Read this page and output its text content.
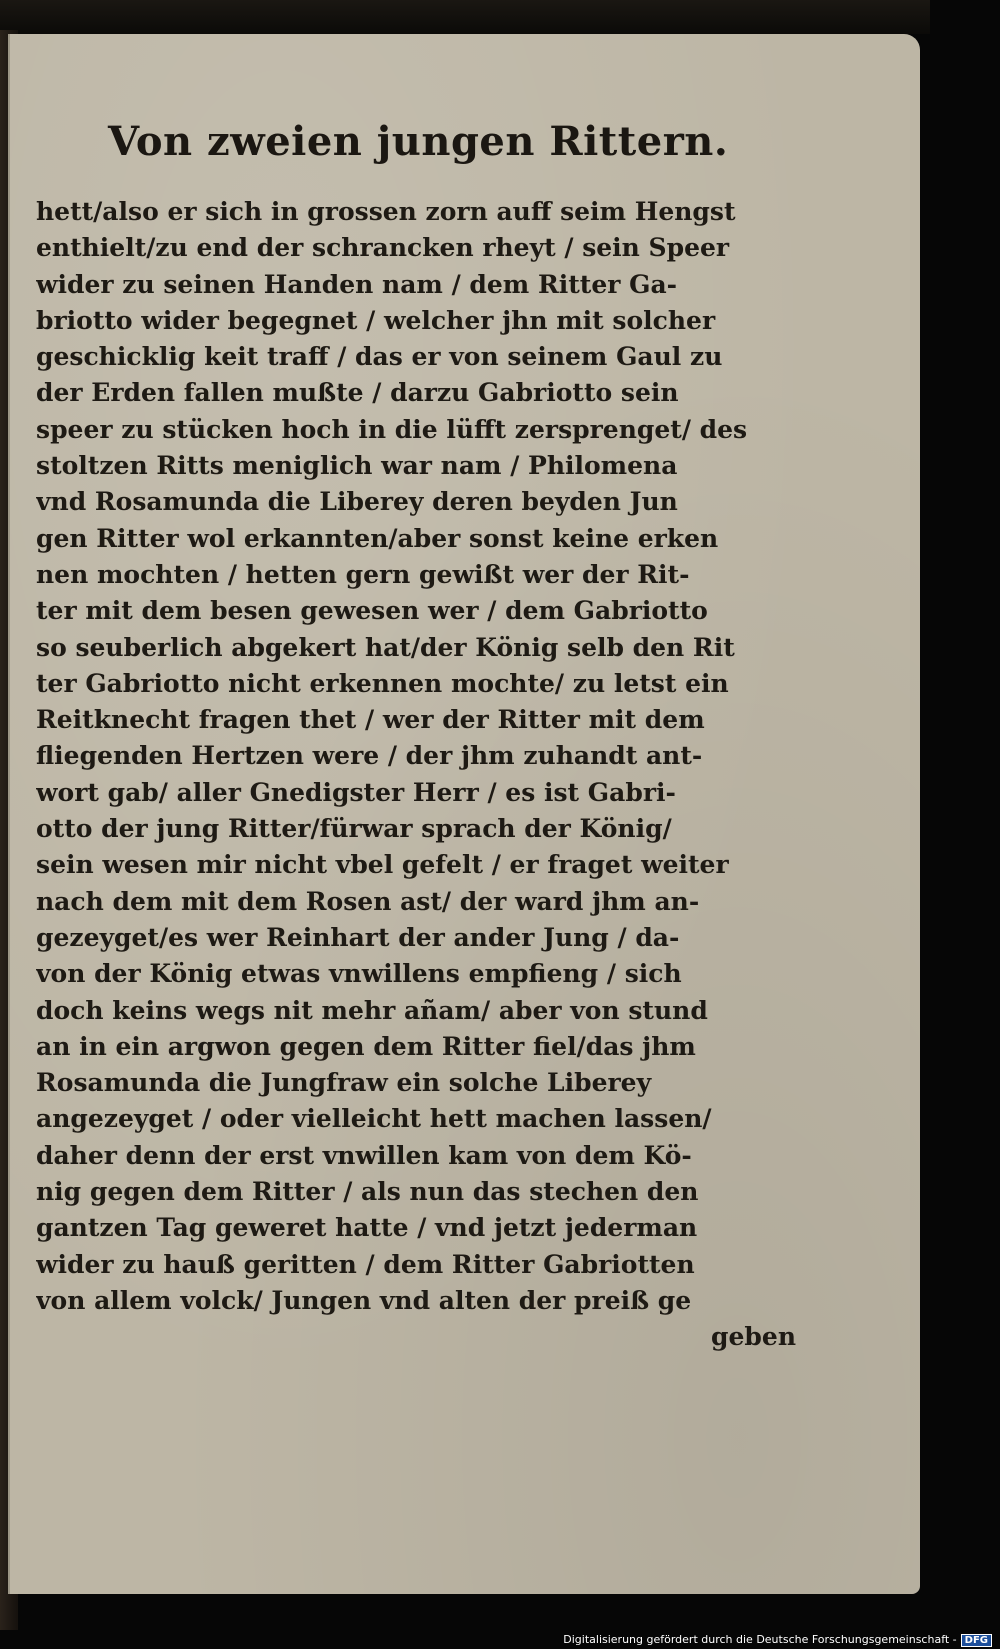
Von zweien jungen Rittern.
hett/also er sich in grossen zorn auff seim Hengst
enthielt/zu end der schrancken rheyt / sein Speer
wider zu seinen Handen nam / dem Ritter Ga-
briotto wider begegnet / welcher jhn mit solcher
geschicklig keit traff / das er von seinem Gaul zu
der Erden fallen mußte / darzu Gabriotto sein
speer zu stücken hoch in die lüfft zersprenget/ des
stoltzen Ritts meniglich war nam / Philomena
vnd Rosamunda die Liberey deren beyden Jun
gen Ritter wol erkannten/aber sonst keine erken
nen mochten / hetten gern gewißt wer der Rit-
ter mit dem besen gewesen wer / dem Gabriotto
so seuberlich abgekert hat/der König selb den Rit
ter Gabriotto nicht erkennen mochte/ zu letst ein
Reitknecht fragen thet / wer der Ritter mit dem
fliegenden Hertzen were / der jhm zuhandt ant-
wort gab/ aller Gnedigster Herr / es ist Gabri-
otto der jung Ritter/fürwar sprach der König/
sein wesen mir nicht vbel gefelt / er fraget weiter
nach dem mit dem Rosen ast/ der ward jhm an-
gezeyget/es wer Reinhart der ander Jung / da-
von der König etwas vnwillens empfieng / sich
doch keins wegs nit mehr añam/ aber von stund
an in ein argwon gegen dem Ritter fiel/das jhm
Rosamunda die Jungfraw ein solche Liberey
angezeyget / oder vielleicht hett machen lassen/
daher denn der erst vnwillen kam von dem Kö-
nig gegen dem Ritter / als nun das stechen den
gantzen Tag geweret hatte / vnd jetzt jederman
wider zu hauß geritten / dem Ritter Gabriotten
von allem volck/ Jungen vnd alten der preiß ge
geben
Digitalisierung gefördert durch die Deutsche Forschungsgemeinschaft - DFG
